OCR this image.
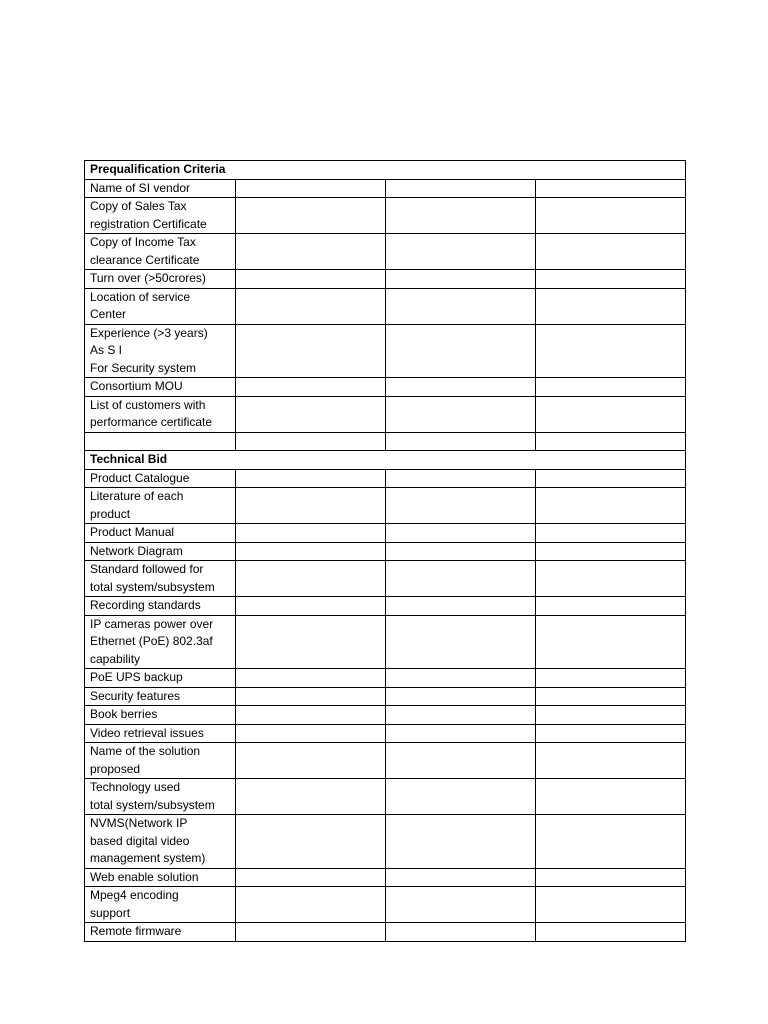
Prequalification Criteria			

Name of SI vendor			

Copy of Sales Tax
registration Certificate			

Copy of Income Tax
clearance Certificate			

Turn over (>50crores)			

Location of service
Center			

Experience (>3 years)
As S I
For Security system			

Consortium MOU			

List of customers with
performance certificate			

Technical Bid			

Product Catalogue			

Literature of each
product			

Product Manual			

Network Diagram			

Standard followed for
total system/subsystem			

Recording standards			

IP cameras power over
Ethernet (PoE) 802.3af
capability			

PoE UPS backup			

Security features			

Book berries			

Video retrieval issues			

Name of the solution
proposed			

Technology used
total system/subsystem			

NVMS(Network IP
based digital video
management system)			

Web enable solution			

Mpeg4 encoding
support			

Remote firmware			
